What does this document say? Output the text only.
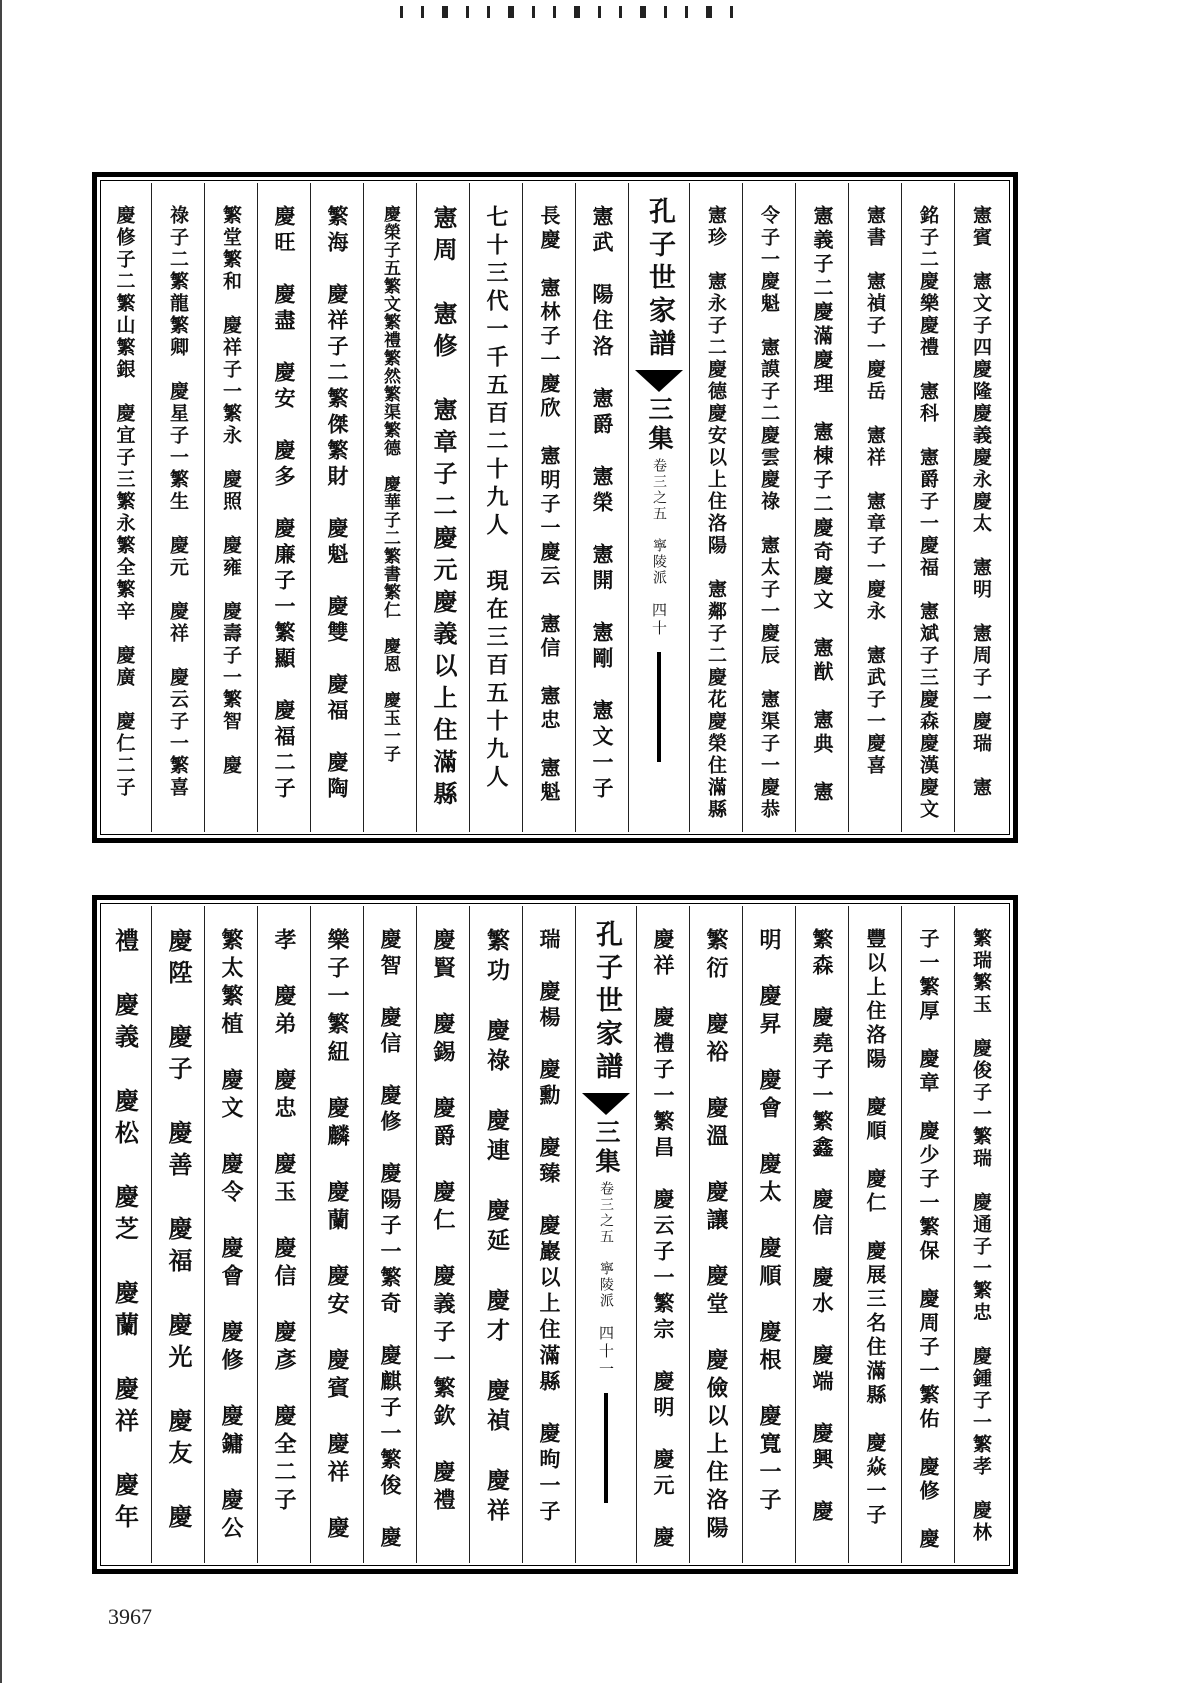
憲賓　憲文子四慶隆慶義慶永慶太　憲明　憲周子一慶瑞　憲
銘子二慶樂慶禮　憲科　憲爵子一慶福　憲斌子三慶森慶漢慶文
憲書　憲禎子一慶岳　憲祥　憲章子一慶永　憲武子一慶喜
憲義子二慶滿慶理　憲棟子二慶奇慶文　憲猷　憲典　憲
令子一慶魁　憲謨子二慶雲慶祿　憲太子一慶辰　憲渠子一慶恭
憲珍　憲永子二慶德慶安以上住洛陽　憲鄰子二慶花慶榮住滿縣
孔子世家譜
三集
卷三之五　寧陵派
四十
憲武　陽住洛　憲爵　憲榮　憲開　憲剛　憲文一子
長慶　憲林子一慶欣　憲明子一慶云　憲信　憲忠　憲魁
七十三代一千五百二十九人　現在三百五十九人
憲周　憲修　憲章子二慶元慶義以上住滿縣
慶榮子五繁文繁禮繁然繁渠繁德　慶華子二繁書繁仁　慶恩　慶玉一子
繁海　慶祥子二繁傑繁財　慶魁　慶雙　慶福　慶陶
慶旺　慶盡　慶安　慶多　慶廉子一繁顯　慶福二子
繁堂繁和　慶祥子一繁永　慶照　慶雍　慶壽子一繁智　慶
祿子二繁龍繁卿　慶星子一繁生　慶元　慶祥　慶云子一繁喜
慶修子二繁山繁銀　慶宜子三繁永繁全繁辛　慶廣　慶仁二子
繁瑞繁玉　慶俊子一繁瑞　慶通子一繁忠　慶鍾子一繁孝　慶林
子一繁厚　慶章　慶少子一繁保　慶周子一繁佑　慶修　慶
豐以上住洛陽　慶順　慶仁　慶展三名住滿縣　慶焱一子
繁森　慶堯子一繁鑫　慶信　慶水　慶端　慶興　慶
明　慶昇　慶會　慶太　慶順　慶根　慶寬一子
繁衍　慶裕　慶溫　慶讓　慶堂　慶儉以上住洛陽
慶祥　慶禮子一繁昌　慶云子一繁宗　慶明　慶元　慶
孔子世家譜
三集
卷三之五　寧陵派
四十一
瑞　慶楊　慶勳　慶臻　慶巖以上住滿縣　慶昫一子
繁功　慶祿　慶連　慶延　慶才　慶禎　慶祥
慶賢　慶錫　慶爵　慶仁　慶義子一繁欽　慶禮
慶智　慶信　慶修　慶陽子一繁奇　慶麒子一繁俊　慶
樂子一繁紐　慶麟　慶蘭　慶安　慶賓　慶祥　慶
孝　慶弟　慶忠　慶玉　慶信　慶彥　慶全二子
繁太繁植　慶文　慶令　慶會　慶修　慶鏞　慶公
慶陞　慶子　慶善　慶福　慶光　慶友　慶
禮　慶義　慶松　慶芝　慶蘭　慶祥　慶年
3967
